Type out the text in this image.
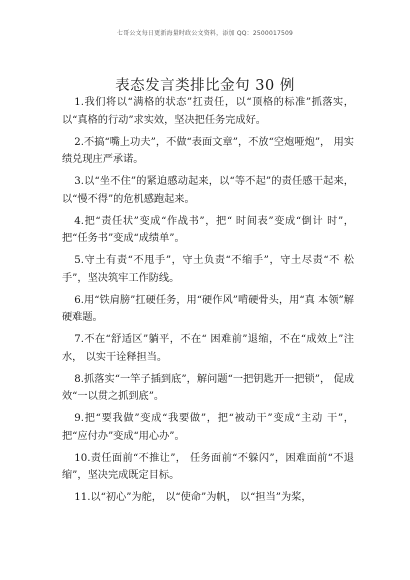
七哥公文每日更新海量时政公文资料，添加 QQ：2500017509
表态发言类排比金句 30 例

1.我们将以“满格的状态”扛责任，以“顶格的标准”抓落实，以“真格的行动”求实效，坚决把任务完成好。

2.不搞“嘴上功夫”，不做“表面文章”，不放“空炮哑炮”， 用实绩兑现庄严承诺。

3.以“坐不住”的紧迫感动起来，以“等不起”的责任感干起来，以“慢不得”的危机感跑起来。

4.把“责任状”变成“作战书”，把“ 时间表”变成“倒计 时”，把“任务书”变成“成绩单”。

5.守土有责“不甩手”，守土负责“不缩手”，守土尽责“不 松手”，坚决筑牢工作防线。

6.用“铁肩膀”扛硬任务，用“硬作风”啃硬骨头，用“真 本领”解硬难题。

7.不在“舒适区”躺平，不在“ 困难前”退缩，不在“成效上”注水， 以实干诠释担当。

8.抓落实“一竿子插到底”，解问题“一把钥匙开一把锁”， 促成效“一以贯之抓到底”。

9.把“要我做”变成“我要做”，把“被动干”变成“主动 干”，把“应付办”变成“用心办”。

10.责任面前“不推让”， 任务面前“不躲闪”，困难面前“不退缩”，坚决完成既定目标。

11.以“初心”为舵， 以“使命”为帆， 以“担当”为桨，
